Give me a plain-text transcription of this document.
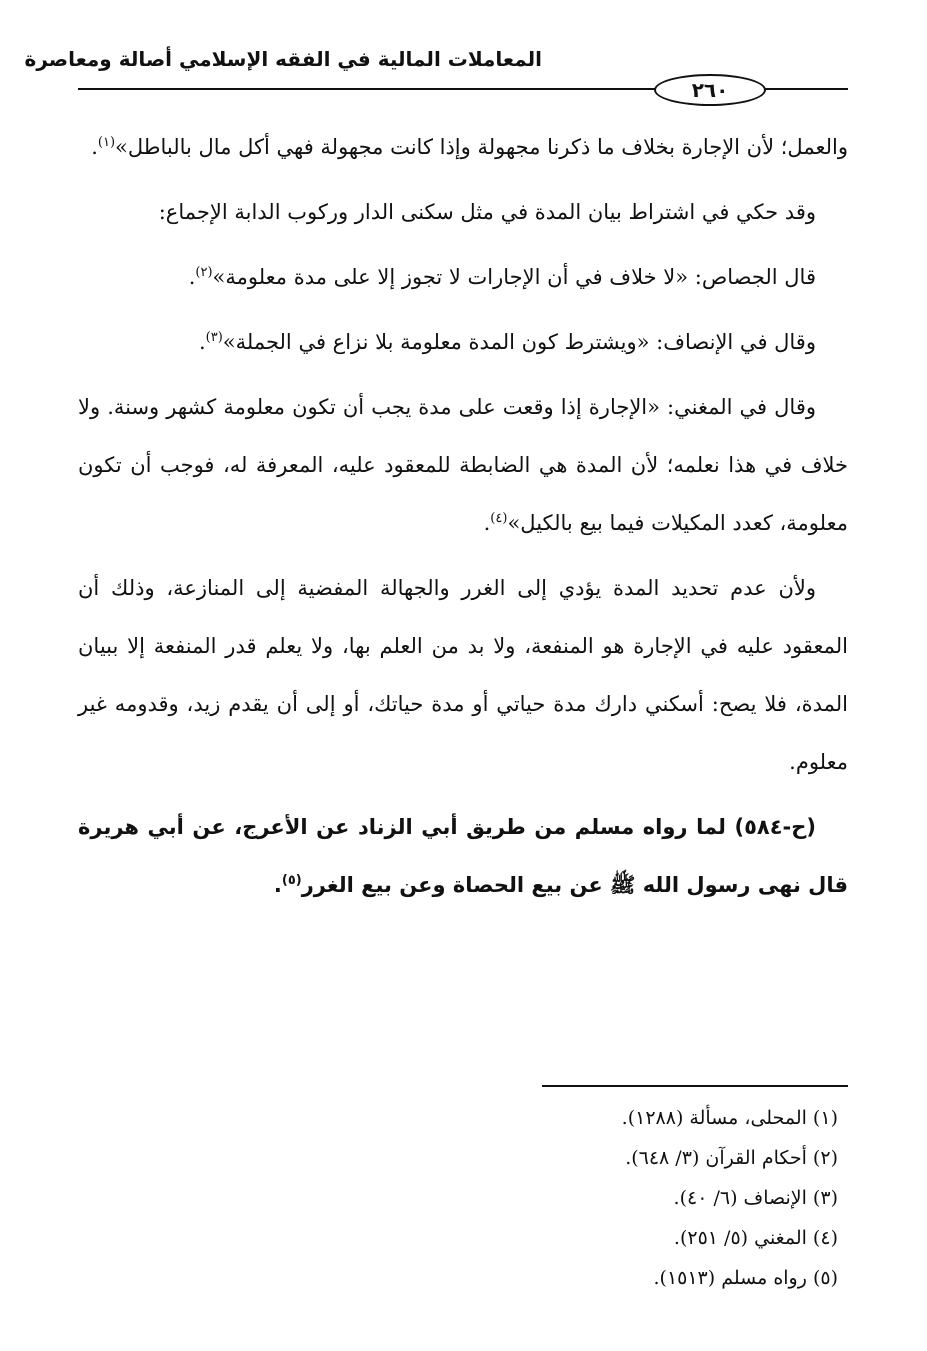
المعاملات المالية في الفقه الإسلامي أصالة ومعاصرة
٢٦٠

والعمل؛ لأن الإجارة بخلاف ما ذكرنا مجهولة وإذا كانت مجهولة فهي أكل مال بالباطل»$^{(١)}$.

وقد حكي في اشتراط بيان المدة في مثل سكنى الدار وركوب الدابة الإجماع:

قال الجصاص: «لا خلاف في أن الإجارات لا تجوز إلا على مدة معلومة»$^{(٢)}$.

وقال في الإنصاف: «ويشترط كون المدة معلومة بلا نزاع في الجملة»$^{(٣)}$.

وقال في المغني: «الإجارة إذا وقعت على مدة يجب أن تكون معلومة كشهر وسنة. ولا خلاف في هذا نعلمه؛ لأن المدة هي الضابطة للمعقود عليه، المعرفة له، فوجب أن تكون معلومة، كعدد المكيلات فيما بيع بالكيل»$^{(٤)}$.

ولأن عدم تحديد المدة يؤدي إلى الغرر والجهالة المفضية إلى المنازعة، وذلك أن المعقود عليه في الإجارة هو المنفعة، ولا بد من العلم بها، ولا يعلم قدر المنفعة إلا ببيان المدة، فلا يصح: أسكني دارك مدة حياتي أو مدة حياتك، أو إلى أن يقدم زيد، وقدومه غير معلوم.

(ح-٥٨٤) لما رواه مسلم من طريق أبي الزناد عن الأعرج، عن أبي هريرة قال نهى رسول الله ﷺ عن بيع الحصاة وعن بيع الغرر$^{(٥)}$.

(١) المحلى، مسألة (١٢٨٨).
(٢) أحكام القرآن (٣/ ٦٤٨).
(٣) الإنصاف (٦/ ٤٠).
(٤) المغني (٥/ ٢٥١).
(٥) رواه مسلم (١٥١٣).
